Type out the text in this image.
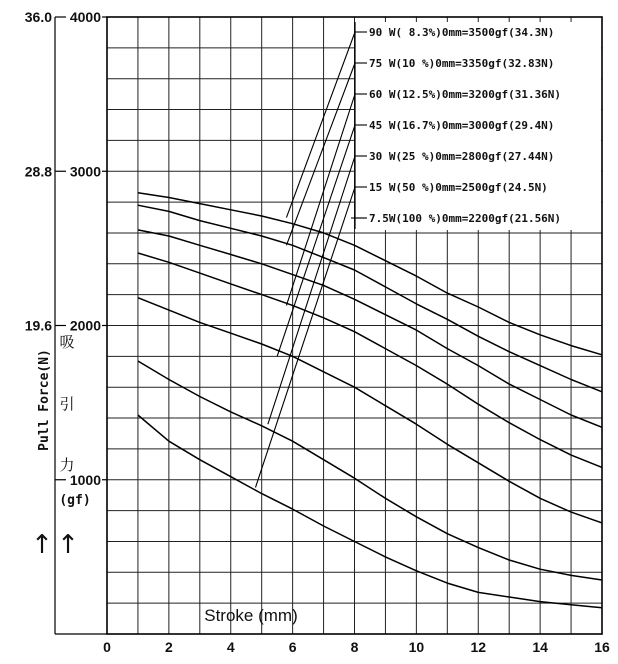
90 W( 8.3%)0mm=3500gf(34.3N)
75 W(10 %)0mm=3350gf(32.83N)
60 W(12.5%)0mm=3200gf(31.36N)
45 W(16.7%)0mm=3000gf(29.4N)
30 W(25 %)0mm=2800gf(27.44N)
15 W(50 %)0mm=2500gf(24.5N)
7.5W(100 %)0mm=2200gf(21.56N)
1000
2000
19.6
3000
28.8
4000
36.0
0	2	4	6	8	10	12	14	16
Pull Force(N)
吸
引
力
(gf)
Stroke (mm)
↑ ↑
